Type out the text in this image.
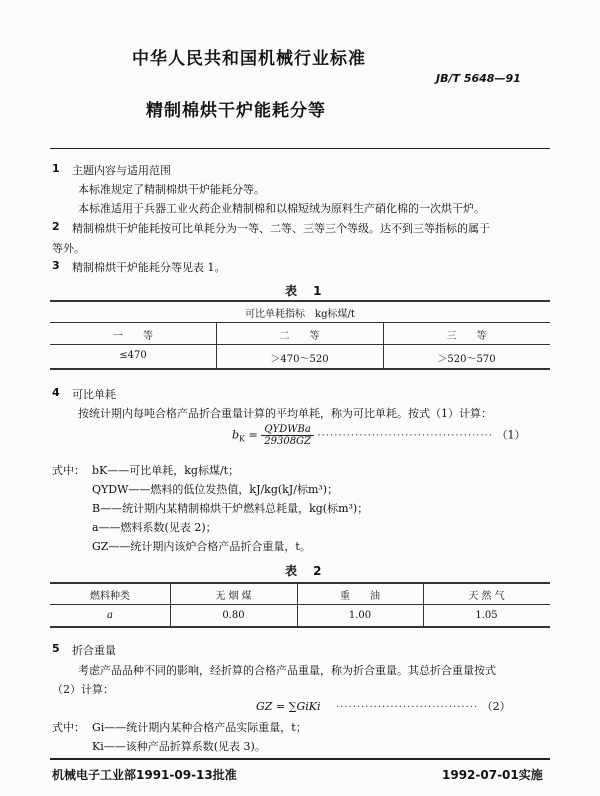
中华人民共和国机械行业标准
JB/T 5648—91
精制棉烘干炉能耗分等
1 主题内容与适用范围
本标准规定了精制棉烘干炉能耗分等。
本标准适用于兵器工业火药企业精制棉和以棉短绒为原料生产硝化棉的一次烘干炉。
2 精制棉烘干炉能耗按可比单耗分为一等、二等、三等三个等级。达不到三等指标的属于
等外。
3 精制棉烘干炉能耗分等见表 1。
表 1
可比单耗指标　kg标煤/t
一　　等	二　　等	三　　等
≤470	＞470～520	＞520～570
4 可比单耗
按统计期内每吨合格产品折合重量计算的平均单耗，称为可比单耗。按式（1）计算：
$b_K = \frac{\text{QYDWBa}}{29308GZ}$ ·········································· （1）
式中： bK——可比单耗，kg标煤/t；
QYDW——燃料的低位发热值，kJ/kg(kJ/标m³)；
B——统计期内某精制棉烘干炉燃料总耗量，kg(标m³)；
a——燃料系数(见表 2)；
GZ——统计期内该炉合格产品折合重量，t。
表 2
燃料种类	无 烟 煤	重　　油	天 然 气
a	0.80	1.00	1.05
5 折合重量
考虑产品品种不同的影响，经折算的合格产品重量，称为折合重量。其总折合重量按式
（2）计算：
GZ = ∑GiKi ·································· （2）
式中： Gi——统计期内某种合格产品实际重量，t；
Ki——该种产品折算系数(见表 3)。
机械电子工业部1991-09-13批准	1992-07-01实施
